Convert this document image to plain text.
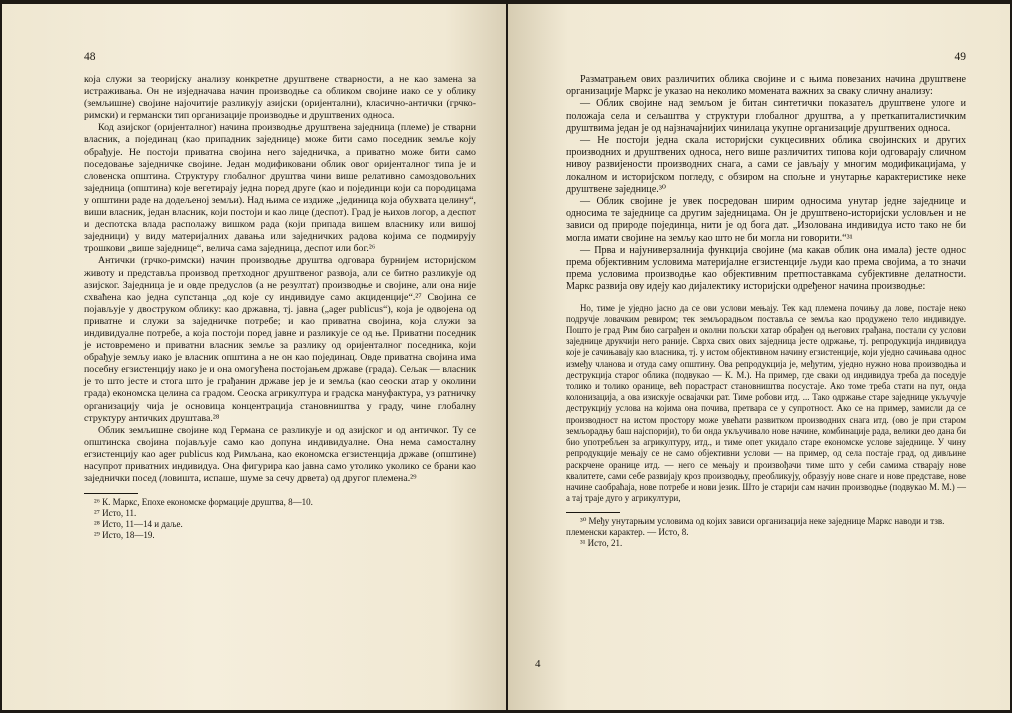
48

која служи за теоријску анализу конкретне друштвене стварности, а не као замена за истраживања. Он не изједначава начин производње са обликом својине иако се у облику (земљишне) својине најочитије разликују азијски (оријентални), класично-антички (грчко-римски) и германски тип организације производње и друштвених односа.

Код азијског (оријенталног) начина производње друштвена заједница (племе) је стварни власник, а појединац (као припадник заједнице) може бити само поседник земље коју обрађује. Не постоји приватна својина него заједничка, а приватно може бити само поседовање заједничке својине. Један модификовани облик овог оријенталног типа је и словенска општина. Структуру глобалног друштва чини више релативно самоздовољних заједница (општина) које вегетирају једна поред друге (као и појединци који са породицама у општини раде на додељеној земљи). Над њима се издиже „јединица која обухвата целину“, виши власник, један власник, који постоји и као лице (деспот). Град је њихов логор, а деспот и деспотска влада располажу вишком рада (који припада вишем власнику или вишој заједници) у виду материјалних давања или заједничких радова којима се подмирују трошкови „више заједнице“, велича сама заједница, деспот или бог.²⁶

Антички (грчко-римски) начин производње друштва одговара бурнијем историјском животу и представља производ претходног друштвеног развоја, али се битно разликује од азијског. Заједница је и овде предуслов (а не резултат) производње и својине, али она није схваћена као једна супстанца „од које су индивидуе само акциденције“.²⁷ Својина се појављује у двоструком облику: као државна, тј. јавна („ager publicus“), која је одвојена од приватне и служи за заједничке потребе; и као приватна својина, која служи за индивидуалне потребе, а која постоји поред јавне и разликује се од ње. Приватни поседник је истовремено и приватни власник земље за разлику од оријенталног поседника, који обрађује земљу иако је власник општина а не он као појединац. Овде приватна својина има посебну егзистенцију иако је и она омогућена постојањем државе (града). Сељак — власник је то што јесте и стога што је грађанин државе јер је и земља (као сеоски атар у околини града) економска целина са градом. Сеоска агрикултура и градска мануфактура, уз ратничку организацију чија је основица концентрација становништва у граду, чине глобалну структуру античких друштава.²⁸

Облик земљишне својине код Германа се разликује и од азијског и од античког. Ту се општинска својина појављује само као допуна индивидуалне. Она нема самосталну егзистенцију као ager publicus код Римљана, као економска егзистенција државе (општине) насупрот приватних индивидуа. Она фигурира као јавна само утолико уколико се брани као заједнички посед (ловишта, испаше, шуме за сечу дрвета) од другог племена.²⁹

²⁶ К. Маркс, Епохе економске формације друштва, 8—10.
²⁷ Исто, 11.
²⁸ Исто, 11—14 и даље.
²⁹ Исто, 18—19.
49

Разматрањем ових различитих облика својине и с њима повезаних начина друштвене организације Маркс је указао на неколико момената важних за сваку сличну анализу:

— Облик својине над земљом је битан синтетички показатељ друштвене улоге и положаја села и сељаштва у структури глобалног друштва, а у преткапиталистичким друштвима један је од најзначајнијих чинилаца укупне организације друштвених односа.

— Не постоји једна скала историјски сукцесивних облика својинских и других производних и друштвених односа, него више различитих типова који одговарају сличном нивоу развијености производних снага, а сами се јављају у многим модификацијама, у локалном и историјском погледу, с обзиром на спољне и унутарње карактеристике неке друштвене заједнице.³⁰

— Облик својине је увек посредован ширим односима унутар једне заједнице и односима те заједнице са другим заједницама. Он је друштвено-историјски условљен и не зависи од природе појединца, нити је од бога дат. „Изолована индивидуа исто тако не би могла имати својине на земљу као што не би могла ни говорити.“³¹

— Прва и најуниверзалнија функција својине (ма какав облик она имала) јесте однос према објективним условима материјалне егзистенције људи као према својима, а то значи према условима производње као објективним претпоставкама субјективне делатности. Маркс развија ову идеју као дијалектику историјски одређеног начина производње:

Но, тиме је уједно јасно да се ови услови мењају. Тек кад племена почињу да лове, постаје неко подручје ловачким ревиром; тек земљорадњом постављa се земља као продужено тело индивидуе. Пошто је град Рим био саграђен и околни пољски хатар обрађен од његових грађана, постали су услови заједнице друкчији него раније. Сврха свих ових заједница јесте одржање, тј. репродукција индивидуа које је сачињавају као власника, тј. у истом објективном начину егзистенције, који уједно сачињава однос између чланова и отуда саму општину. Ова репродукција је, међутим, уједно нужно нова производња и деструкција старог облика (подвукао — К. М.). На пример, где сваки од индивидуа треба да поседује толико и толико оранице, већ порастрaст становништва посустаје. Ако томе треба стати на пут, онда колонизација, а ова изискује освајачки рат. Тиме робови итд. ... Тако одржање старе заједнице укључује деструкцију услова на којима она почива, претвара се у супротност. Ако се на пример, замисли да се производност на истом простору може увећати развитком производних снага итд. (ово је при старом земљорадњу баш најспорији), то би онда укључивало нове начине, комбинације рада, велики део дана би био употребљен за агрикултуру, итд., и тиме опет укидало старе економске услове заједнице. У чину репродукције мењају се не само објективни услови — на пример, од села постаје град, од дивљине раскрчене оранице итд. — него се мењају и произвођачи тиме што у себи самима стварају нове квалитете, сами себе развијају кроз производњу, преобликују, образују нове снаге и нове представе, нове начине саобраћаја, нове потребе и нови језик. Што је старији сам начин производње (подвукао М. М.) — а тај траје дуго у агрикултури,

³⁰ Међу унутарњим условима од којих зависи организација неке заједнице Маркс наводи и тзв. племенски карактер. — Исто, 8.
³¹ Исто, 21.
4
